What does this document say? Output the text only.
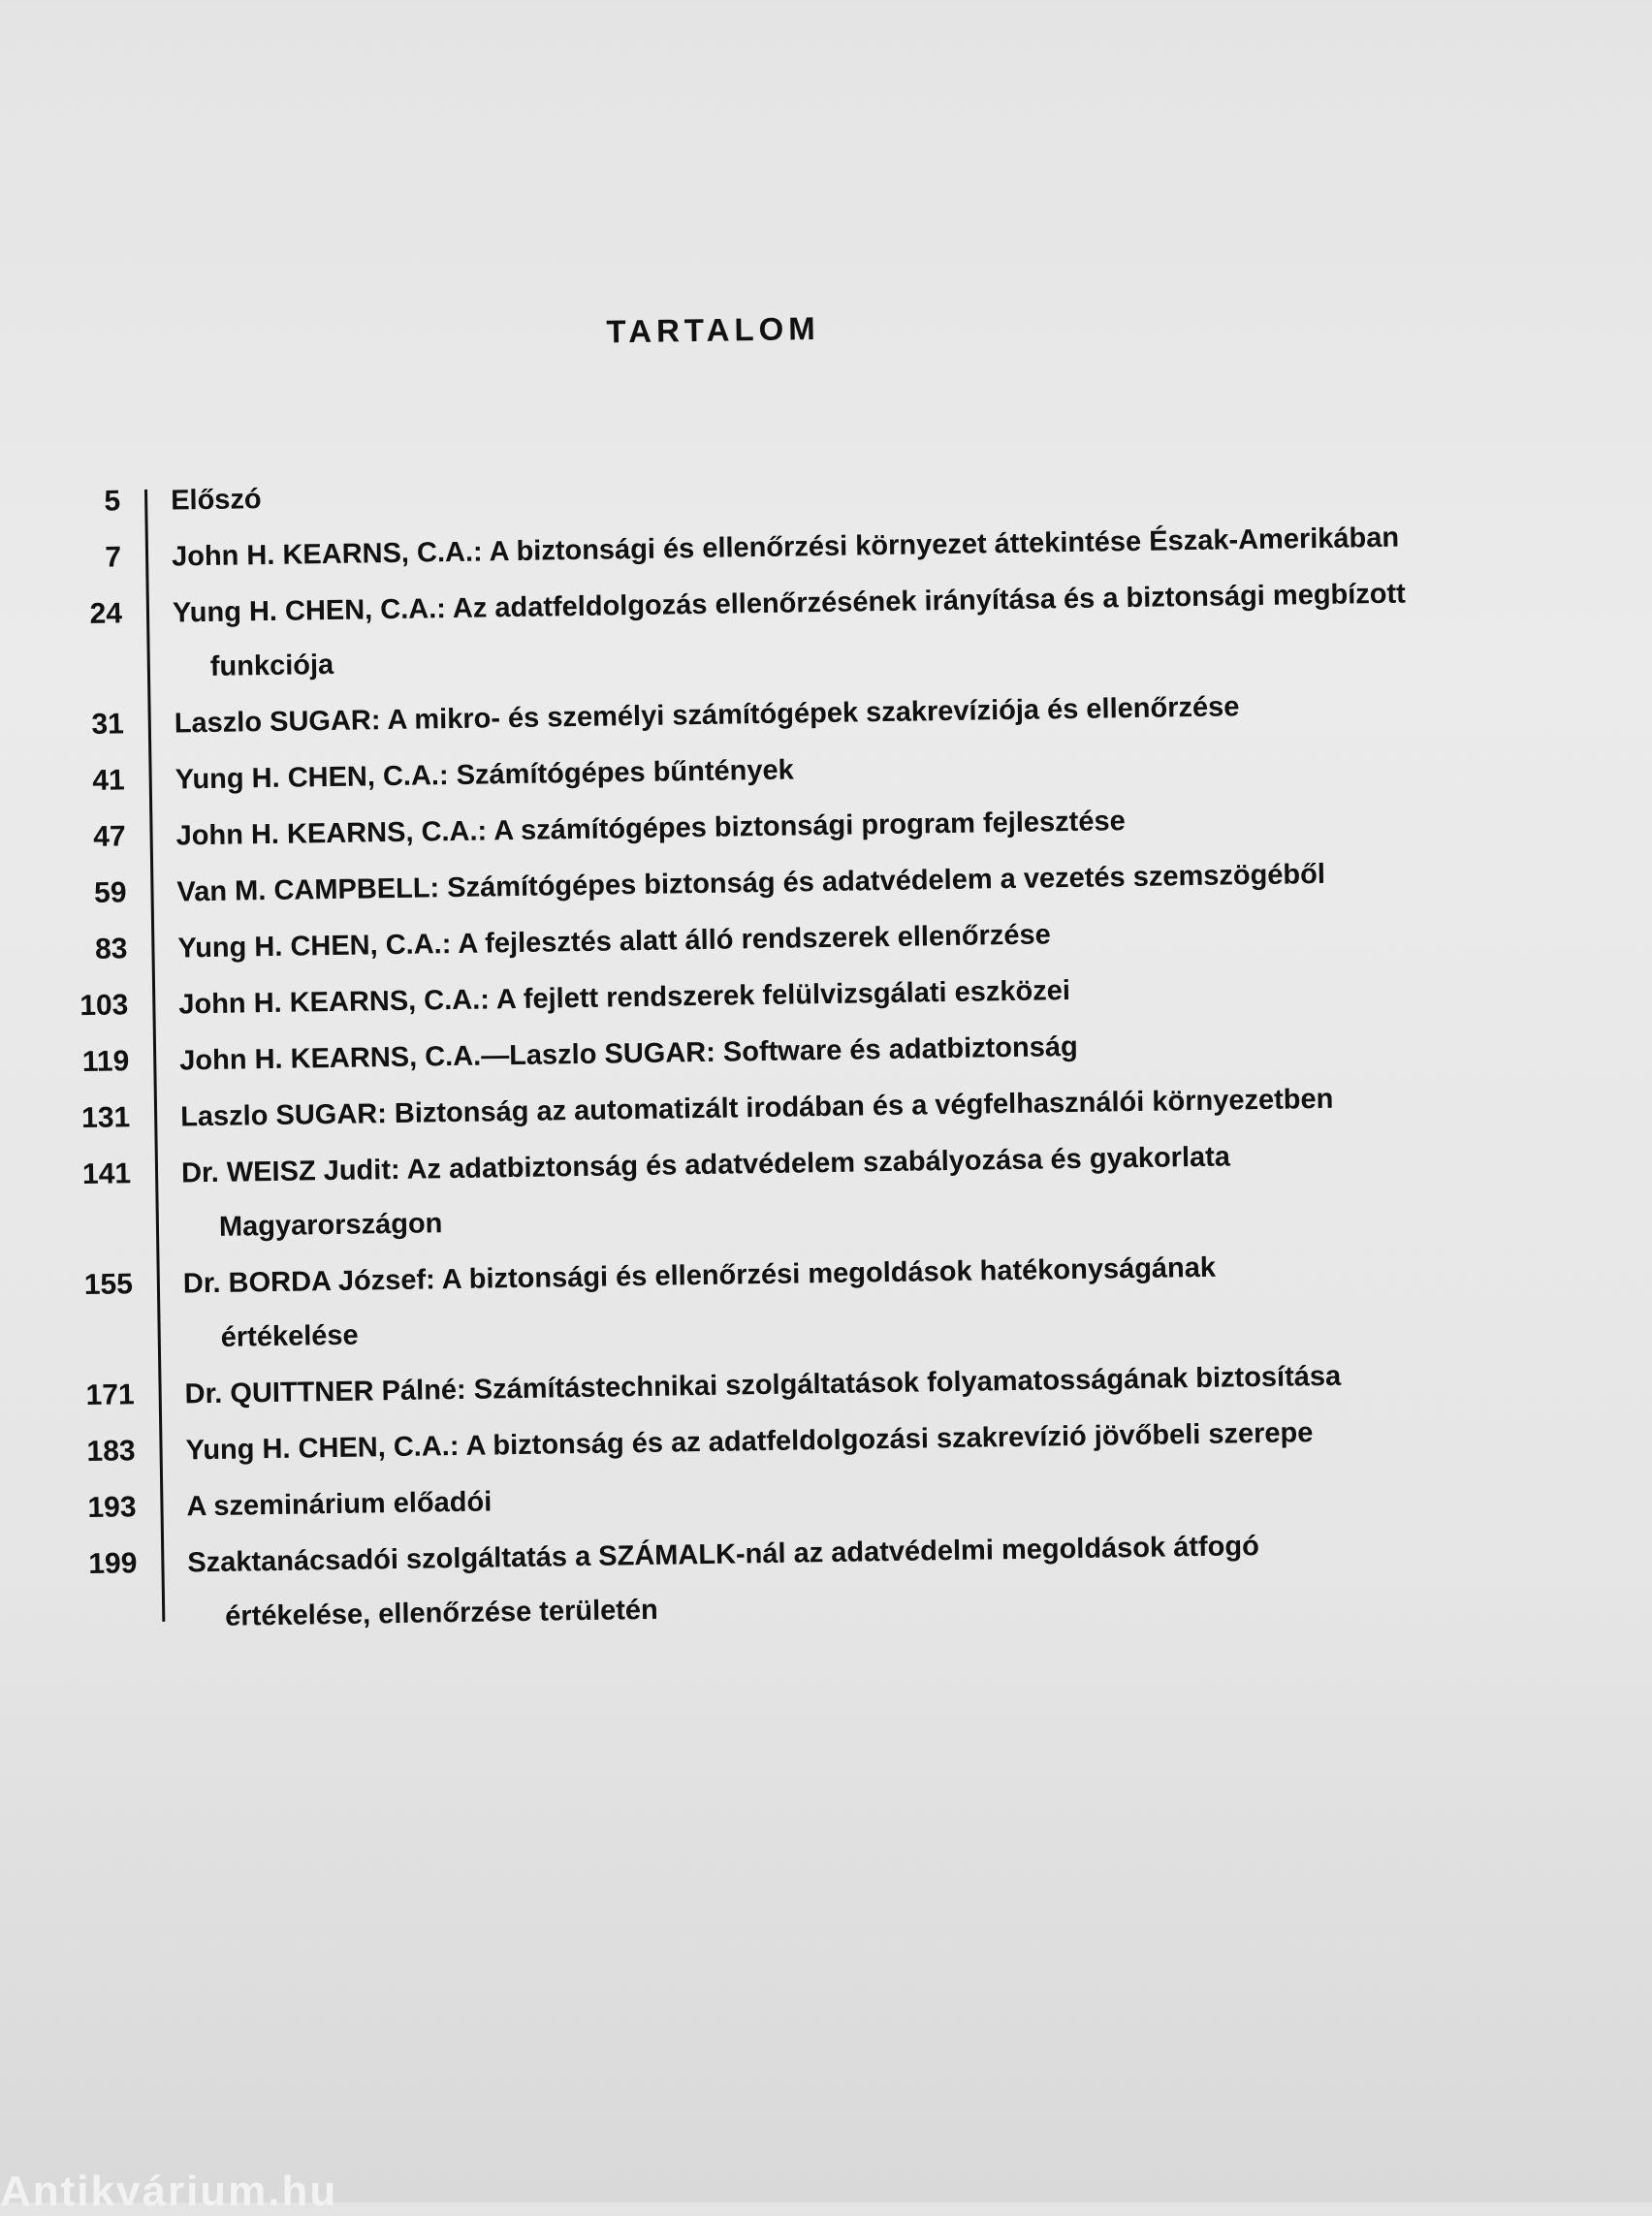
TARTALOM
5 Előszó
7 John H. KEARNS, C.A.: A biztonsági és ellenőrzési környezet áttekintése Észak-Amerikában
24 Yung H. CHEN, C.A.: Az adatfeldolgozás ellenőrzésének irányítása és a biztonsági megbízott
funkciója
31 Laszlo SUGAR: A mikro- és személyi számítógépek szakrevíziója és ellenőrzése
41 Yung H. CHEN, C.A.: Számítógépes bűntények
47 John H. KEARNS, C.A.: A számítógépes biztonsági program fejlesztése
59 Van M. CAMPBELL: Számítógépes biztonság és adatvédelem a vezetés szemszögéből
83 Yung H. CHEN, C.A.: A fejlesztés alatt álló rendszerek ellenőrzése
103 John H. KEARNS, C.A.: A fejlett rendszerek felülvizsgálati eszközei
119 John H. KEARNS, C.A.—Laszlo SUGAR: Software és adatbiztonság
131 Laszlo SUGAR: Biztonság az automatizált irodában és a végfelhasználói környezetben
141 Dr. WEISZ Judit: Az adatbiztonság és adatvédelem szabályozása és gyakorlata
Magyarországon
155 Dr. BORDA József: A biztonsági és ellenőrzési megoldások hatékonyságának
értékelése
171 Dr. QUITTNER Pálné: Számítástechnikai szolgáltatások folyamatosságának biztosítása
183 Yung H. CHEN, C.A.: A biztonság és az adatfeldolgozási szakrevízió jövőbeli szerepe
193 A szeminárium előadói
199 Szaktanácsadói szolgáltatás a SZÁMALK-nál az adatvédelmi megoldások átfogó
értékelése, ellenőrzése területén
Antikvárium.hu
